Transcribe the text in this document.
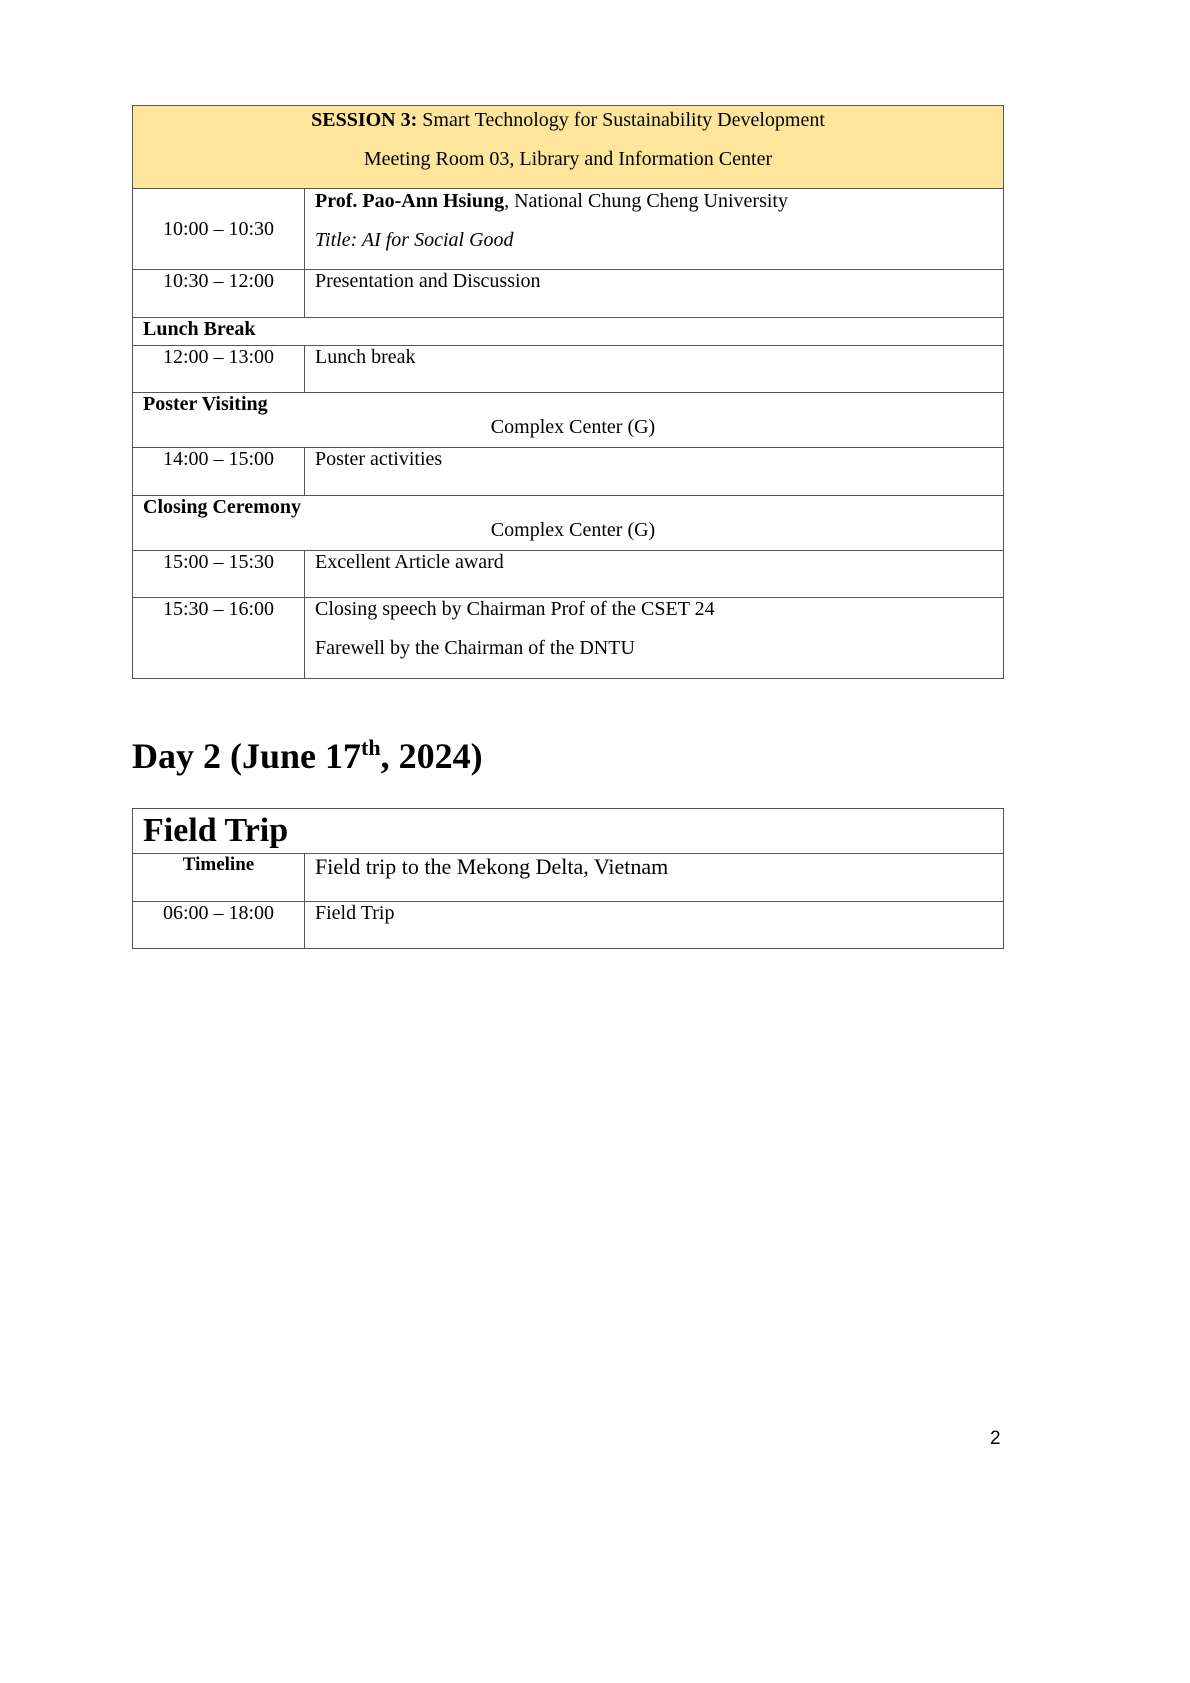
SESSION 3: Smart Technology for Sustainability Development
Meeting Room 03, Library and Information Center	

10:00 – 10:30	Prof. Pao-Ann Hsiung, National Chung Cheng University
Title: AI for Social Good

10:30 – 12:00	Presentation and Discussion
Lunch Break	
12:00 – 13:00	Lunch break

Poster Visiting
Complex Center (G)	

14:00 – 15:00	Poster activities

Closing Ceremony
Complex Center (G)	

15:00 – 15:30	Excellent Article award
15:30 – 16:00	Closing speech by Chairman Prof of the CSET 24
Farewell by the Chairman of the DNTU
Day 2 (June 17th, 2024)
Field Trip	
Timeline	Field trip to the Mekong Delta, Vietnam
06:00 – 18:00	Field Trip
2
